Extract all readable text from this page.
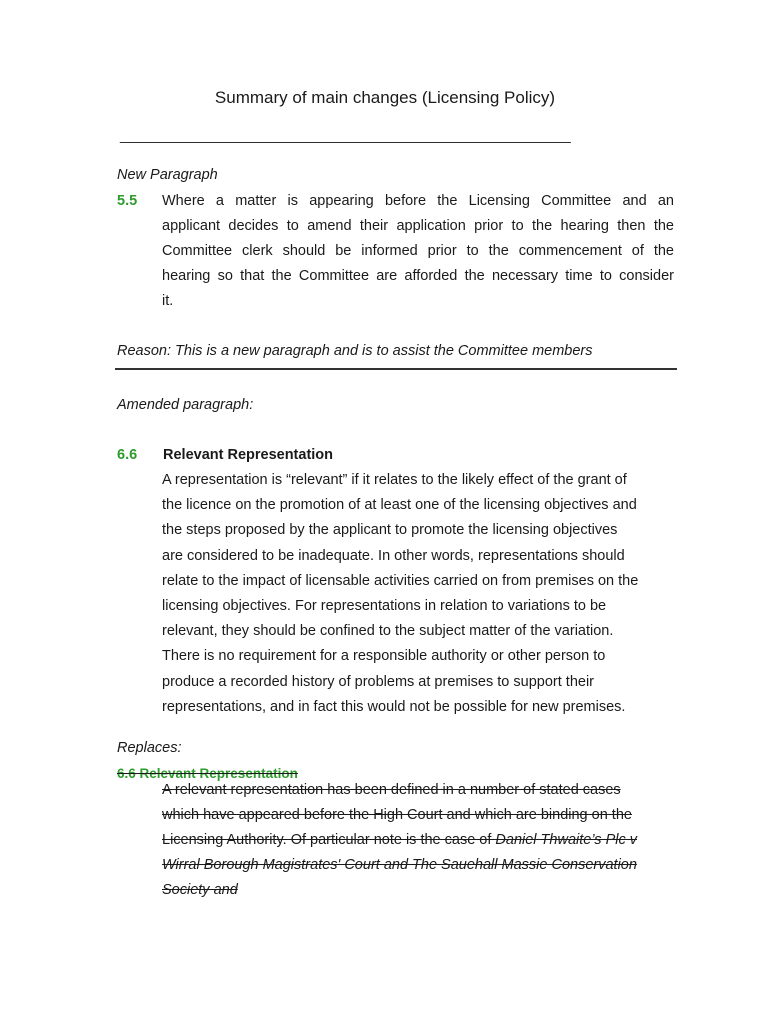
Summary of main changes (Licensing Policy)
________________________________________________________
New Paragraph
5.5 Where a matter is appearing before the Licensing Committee and an
applicant decides to amend their application prior to the hearing then the
Committee clerk should be informed prior to the commencement of the
hearing so that the Committee are afforded the necessary time to consider
it.
Reason: This is a new paragraph and is to assist the Committee members
Amended paragraph:
6.6 Relevant Representation
A representation is “relevant” if it relates to the likely effect of the grant of
the licence on the promotion of at least one of the licensing objectives and
the steps proposed by the applicant to promote the licensing objectives
are considered to be inadequate. In other words, representations should
relate to the impact of licensable activities carried on from premises on the
licensing objectives. For representations in relation to variations to be
relevant, they should be confined to the subject matter of the variation.
There is no requirement for a responsible authority or other person to
produce a recorded history of problems at premises to support their
representations, and in fact this would not be possible for new premises.
Replaces:
6.6 Relevant Representation
A relevant representation has been defined in a number of stated cases
which have appeared before the High Court and which are binding on the
Licensing Authority. Of particular note is the case of Daniel Thwaite’s Plc v
Wirral Borough Magistrates' Court and The Sauehall Massie Conservation
Society and
